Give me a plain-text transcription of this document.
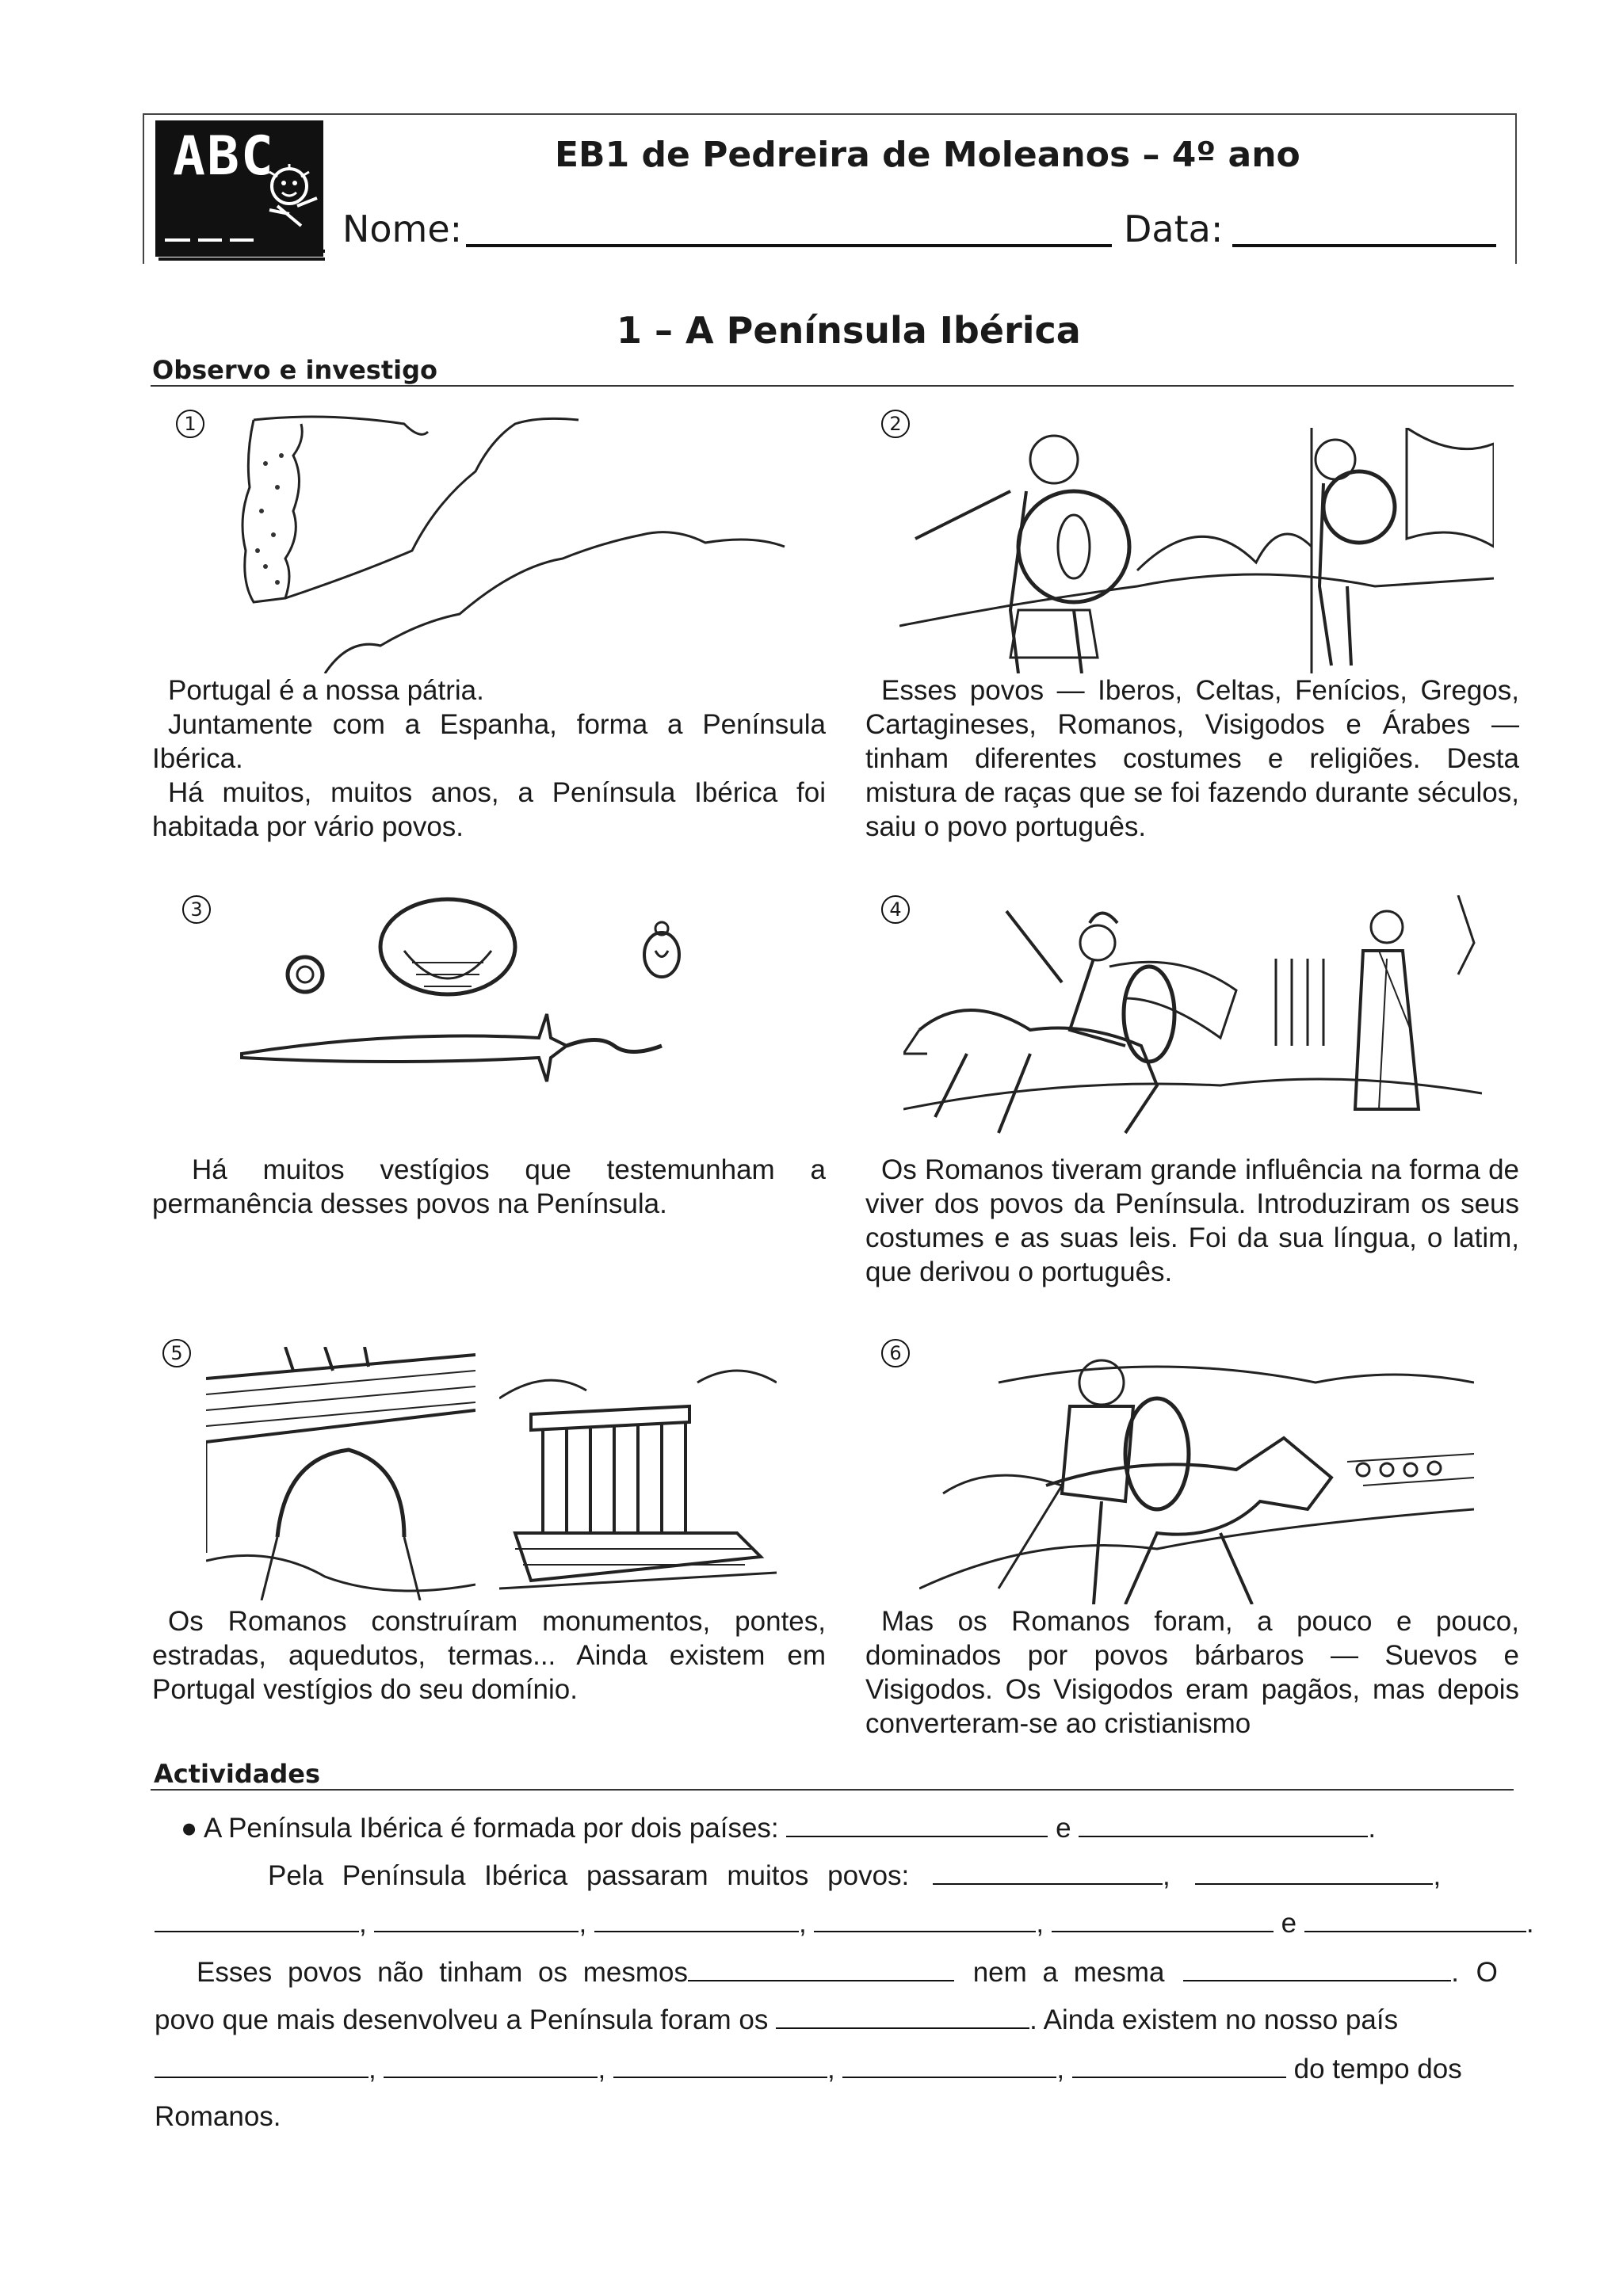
ABC	EB1 de Pedreira de Moleanos – 4º ano
Nome:	Data:
1 – A Península Ibérica
Observo e investigo
1
Portugal é a nossa pátria.
Juntamente com a Espanha, forma a Península Ibérica.
Há muitos, muitos anos, a Península Ibérica foi habitada por vário povos.
2
Esses povos — Iberos, Celtas, Fenícios, Gregos, Cartagineses, Romanos, Visigodos e Árabes — tinham diferentes costumes e religiões. Desta mistura de raças que se foi fazendo durante séculos, saiu o povo português.
3
Há muitos vestígios que testemunham a permanência desses povos na Península.
4
Os Romanos tiveram grande influência na forma de viver dos povos da Península. Introduziram os seus costumes e as suas leis. Foi da sua língua, o latim, que derivou o português.
5
Os Romanos construíram monumentos, pontes, estradas, aquedutos, termas... Ainda existem em Portugal vestígios do seu domínio.
6
Mas os Romanos foram, a pouco e pouco, dominados por povos bárbaros — Suevos e Visigodos. Os Visigodos eram pagãos, mas depois converteram-se ao cristianismo
Actividades
● A Península Ibérica é formada por dois países:	e	.
Pela Península Ibérica passaram muitos povos:	,	,
,	,	,	,	e	.
Esses povos não tinham os mesmos	nem a mesma	. O
povo que mais desenvolveu a Península foram os	. Ainda existem no nosso país
,	,	,	,	do tempo dos
Romanos.
